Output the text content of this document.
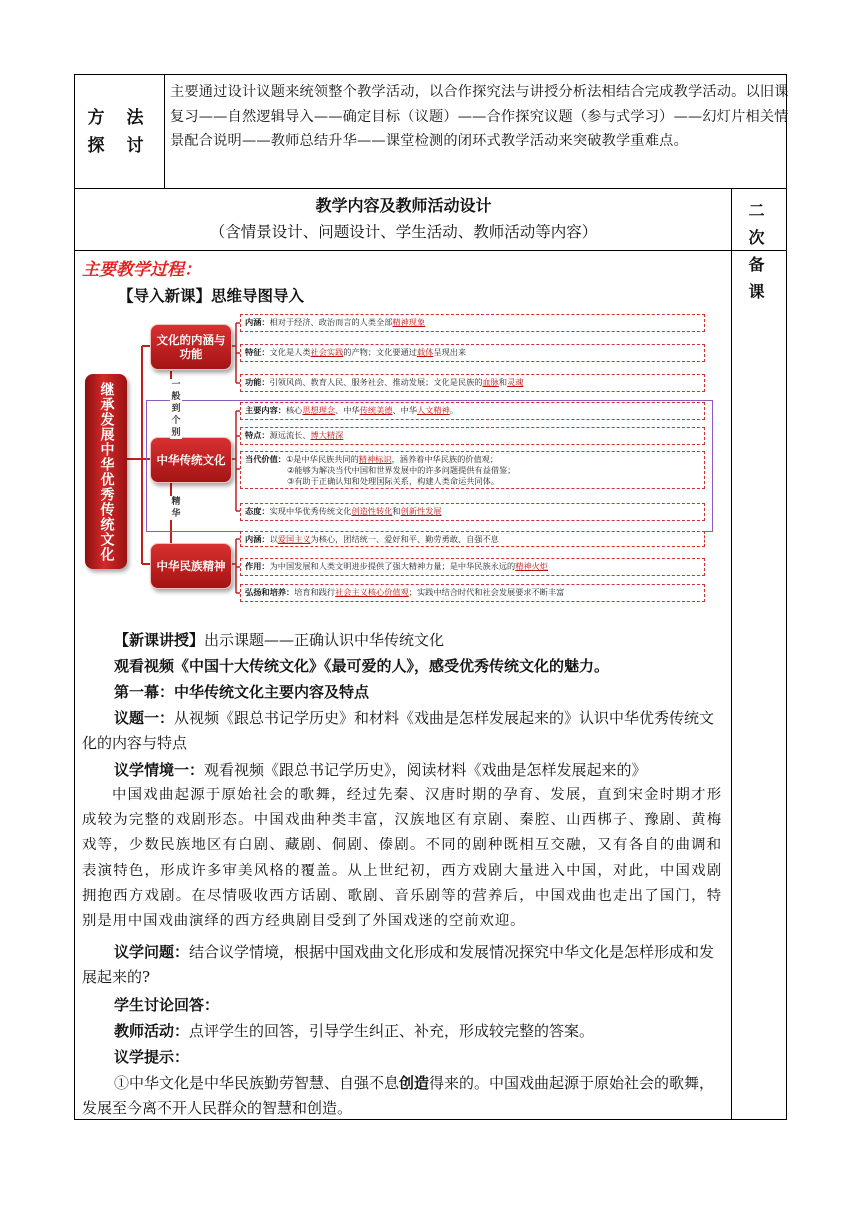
方 法
探 讨
主要通过设计议题来统领整个教学活动，以合作探究法与讲授分析法相结合完成教学活动。以旧课复习——自然逻辑导入——确定目标（议题）——合作探究议题（参与式学习）——幻灯片相关情景配合说明——教师总结升华——课堂检测的闭环式教学活动来突破教学重难点。
教学内容及教师活动设计
（含情景设计、问题设计、学生活动、教师活动等内容）
二 次
备 课
主要教学过程：
【导入新课】思维导图导入
继承发展中华优秀传统文化
文化的内涵与功能
中华传统文化
中华民族精神
一般到个别
精华
内涵：相对于经济、政治而言的人类全部精神现象
特征：文化是人类社会实践的产物；文化要通过载体呈现出来
功能：引领风尚、教育人民、服务社会、推动发展；文化是民族的血脉和灵魂
主要内容：核心思想理念、中华传统美德、中华人文精神。
特点：源远流长、博大精深
当代价值：①是中华民族共同的精神标识，涵养着中华民族的价值观；
②能够为解决当代中国和世界发展中的许多问题提供有益借鉴；
③有助于正确认知和处理国际关系，构建人类命运共同体。
态度：实现中华优秀传统文化创造性转化和创新性发展
内涵：以爱国主义为核心，团结统一、爱好和平、勤劳勇敢、自强不息
作用：为中国发展和人类文明进步提供了强大精神力量；是中华民族永远的精神火炬
弘扬和培养：培育和践行社会主义核心价值观；实践中结合时代和社会发展要求不断丰富
【新课讲授】出示课题——正确认识中华传统文化
观看视频《中国十大传统文化》《最可爱的人》，感受优秀传统文化的魅力。
第一幕：中华传统文化主要内容及特点
议题一：从视频《跟总书记学历史》和材料《戏曲是怎样发展起来的》认识中华优秀传统文化的内容与特点
议学情境一：观看视频《跟总书记学历史》，阅读材料《戏曲是怎样发展起来的》
中国戏曲起源于原始社会的歌舞，经过先秦、汉唐时期的孕育、发展，直到宋金时期才形成较为完整的戏剧形态。中国戏曲种类丰富，汉族地区有京剧、秦腔、山西梆子、豫剧、黄梅戏等，少数民族地区有白剧、藏剧、侗剧、傣剧。不同的剧种既相互交融，又有各自的曲调和表演特色，形成许多审美风格的覆盖。从上世纪初，西方戏剧大量进入中国，对此，中国戏剧拥抱西方戏剧。在尽情吸收西方话剧、歌剧、音乐剧等的营养后，中国戏曲也走出了国门，特别是用中国戏曲演绎的西方经典剧目受到了外国戏迷的空前欢迎。
议学问题：结合议学情境，根据中国戏曲文化形成和发展情况探究中华文化是怎样形成和发展起来的?
学生讨论回答：
教师活动：点评学生的回答，引导学生纠正、补充，形成较完整的答案。
议学提示：
①中华文化是中华民族勤劳智慧、自强不息创造得来的。中国戏曲起源于原始社会的歌舞，发展至今离不开人民群众的智慧和创造。
